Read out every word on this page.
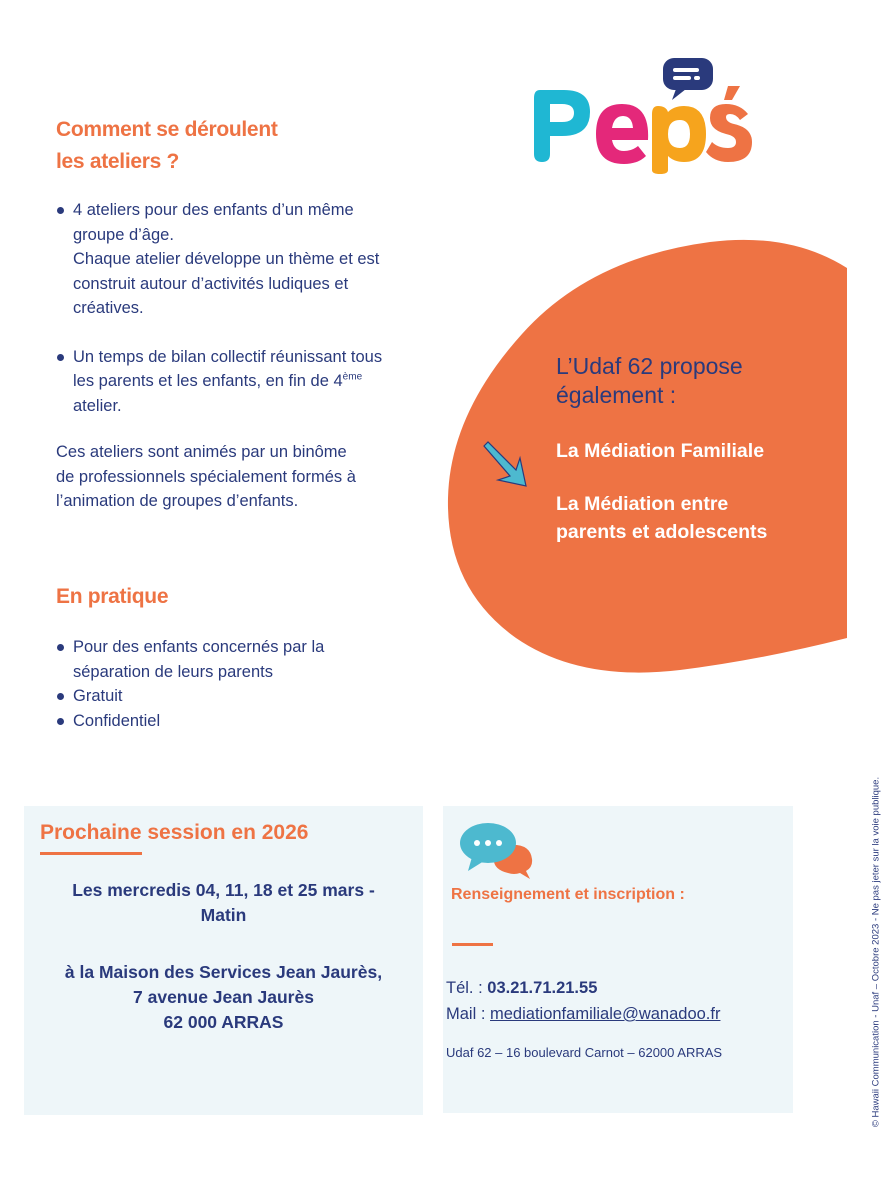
Comment se déroulent
les ateliers ?
4 ateliers pour des enfants d’un même
groupe d’âge.
Chaque atelier développe un thème et est
construit autour d’activités ludiques et
créatives.
Un temps de bilan collectif réunissant tous
les parents et les enfants, en fin de 4ème
atelier.
Ces ateliers sont animés par un binôme
de professionnels spécialement formés à
l’animation de groupes d’enfants.
En pratique
Pour des enfants concernés par la
séparation de leurs parents
Gratuit
Confidentiel
L’Udaf 62 propose
également :
La Médiation Familiale
La Médiation entre
parents et adolescents
Prochaine session en 2026
Les mercredis 04, 11, 18 et 25 mars -
Matin
à la Maison des Services Jean Jaurès,
7 avenue Jean Jaurès
62 000 ARRAS
Renseignement et inscription :
Tél. : 03.21.71.21.55
Mail : mediationfamiliale@wanadoo.fr
Udaf 62 – 16 boulevard Carnot – 62000 ARRAS	© Hawaii Communication - Unaf – Octobre 2023 - Ne pas jeter sur la voie publique.
